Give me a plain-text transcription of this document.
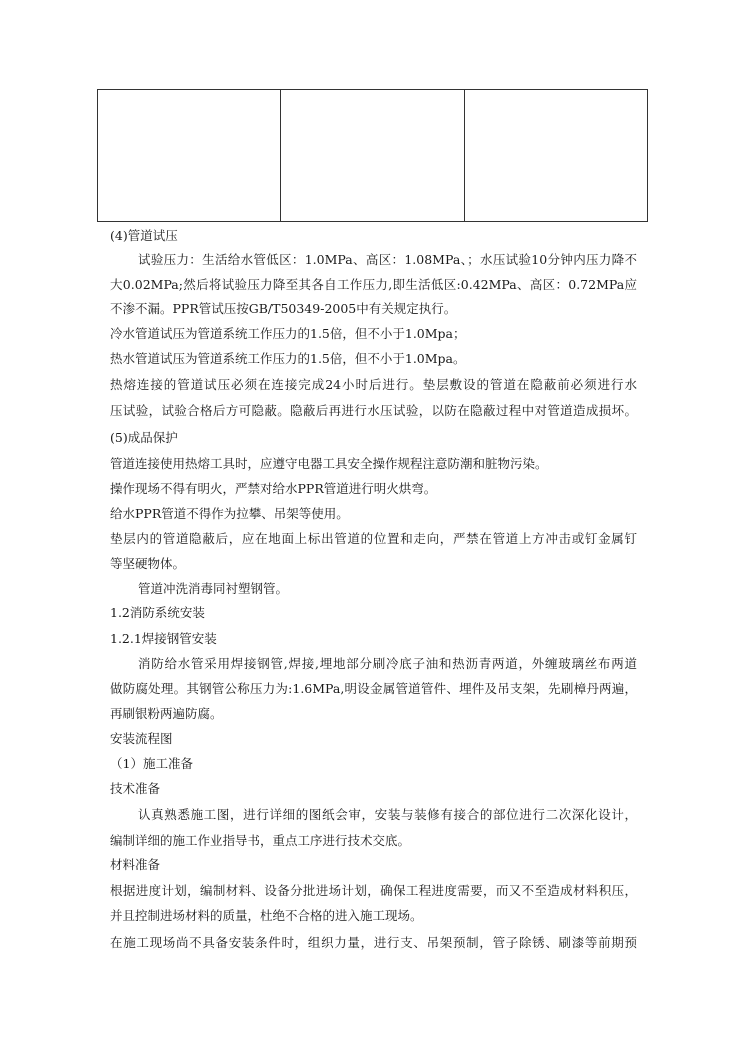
(4)管道试压
试验压力：生活给水管低区：1.0MPa、高区：1.08MPa、；水压试验10分钟内压力降不
大0.02MPa;然后将试验压力降至其各自工作压力,即生活低区:0.42MPa、高区：0.72MPa应
不渗不漏。PPR管试压按GB/T50349-2005中有关规定执行。
冷水管道试压为管道系统工作压力的1.5倍，但不小于1.0Mpa；
热水管道试压为管道系统工作压力的1.5倍，但不小于1.0Mpa。
热熔连接的管道试压必须在连接完成24小时后进行。垫层敷设的管道在隐蔽前必须进行水
压试验，试验合格后方可隐蔽。隐蔽后再进行水压试验，以防在隐蔽过程中对管道造成损坏。
(5)成品保护
管道连接使用热熔工具时，应遵守电器工具安全操作规程注意防潮和脏物污染。
操作现场不得有明火，严禁对给水PPR管道进行明火烘弯。
给水PPR管道不得作为拉攀、吊架等使用。
垫层内的管道隐蔽后，应在地面上标出管道的位置和走向，严禁在管道上方冲击或钉金属钉
等坚硬物体。
管道冲洗消毒同衬塑钢管。
1.2消防系统安装
1.2.1焊接钢管安装
消防给水管采用焊接钢管,焊接,埋地部分刷冷底子油和热沥青两道，外缠玻璃丝布两道
做防腐处理。其钢管公称压力为:1.6MPa,明设金属管道管件、埋件及吊支架，先刷樟丹两遍，
再刷银粉两遍防腐。
安装流程图
（1）施工准备
技术准备
认真熟悉施工图，进行详细的图纸会审，安装与装修有接合的部位进行二次深化设计，
编制详细的施工作业指导书，重点工序进行技术交底。
材料准备
根据进度计划，编制材料、设备分批进场计划，确保工程进度需要，而又不至造成材料积压，
并且控制进场材料的质量，杜绝不合格的进入施工现场。
在施工现场尚不具备安装条件时，组织力量，进行支、吊架预制，管子除锈、刷漆等前期预
